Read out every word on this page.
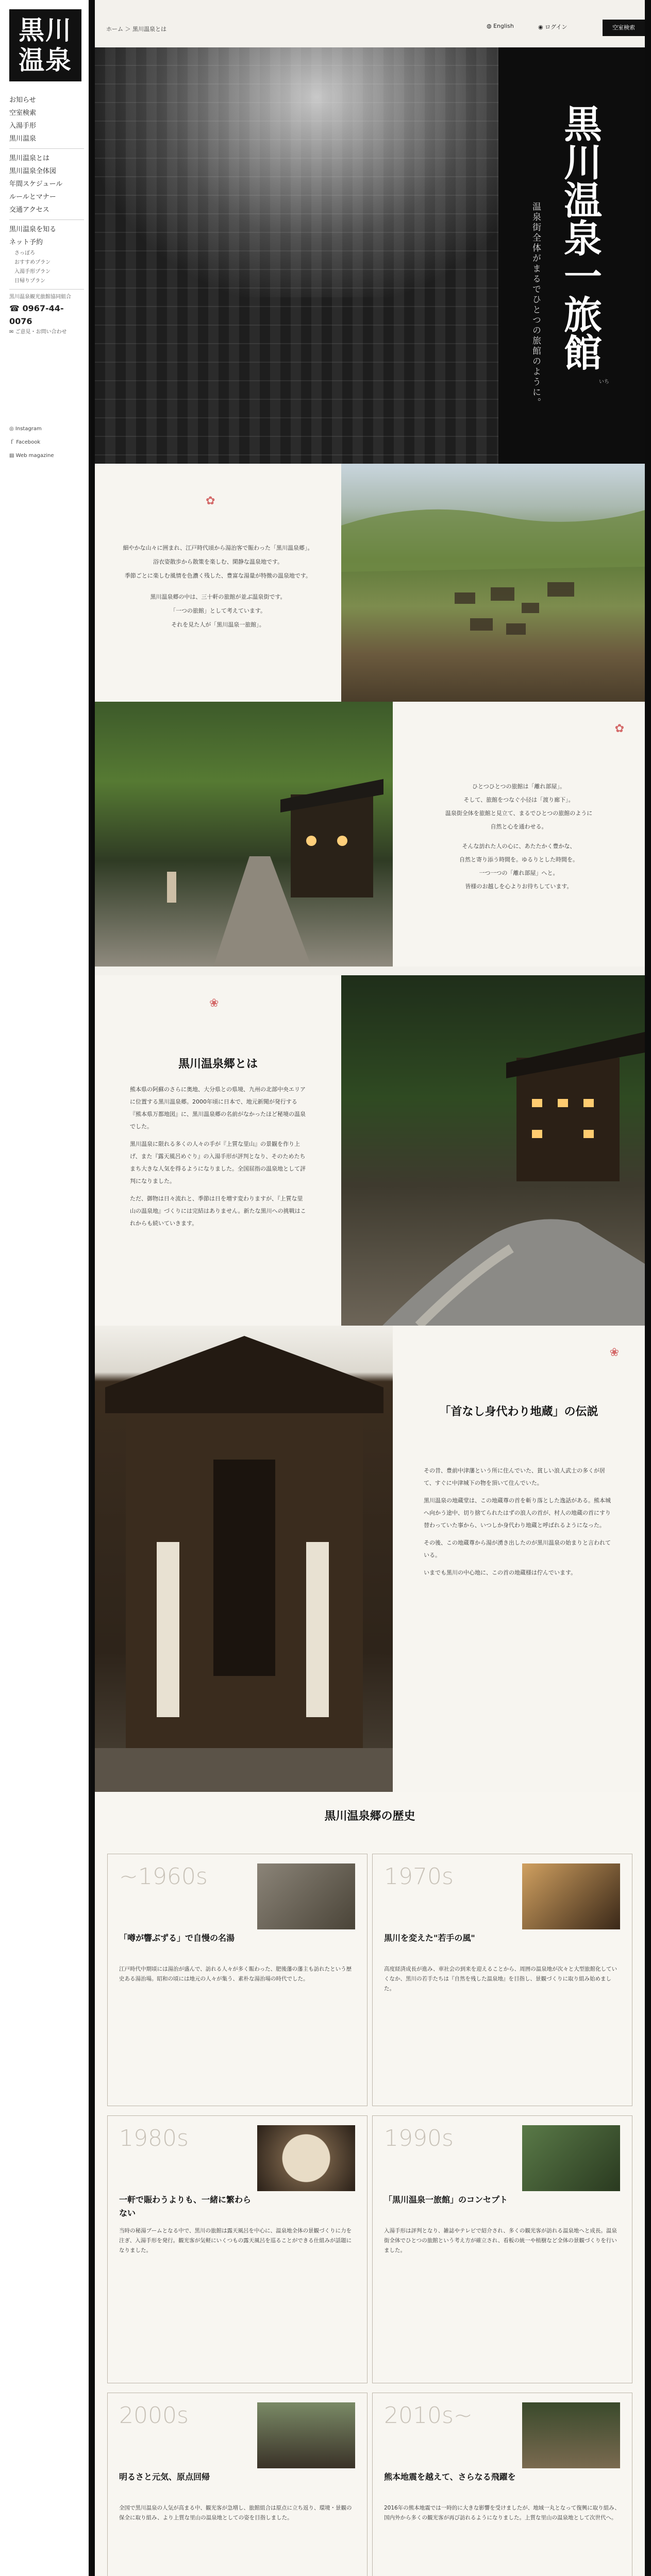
黒川温泉
お知らせ
空室検索
入湯手形
黒川温泉
黒川温泉とは
黒川温泉全体図
年間スケジュール
ルールとマナー
交通アクセス
黒川温泉を知る
ネット予約
さっぽろ
おすすめプラン
入湯手形プラン
日帰りプラン
黒川温泉観光旅館協同組合
☎ 0967-44-0076
✉ ご意見・お問い合わせ
◎ Instagram
ｆ Facebook
▤ Web magazine
ホーム ＞ 黒川温泉とは	◍ English	◉ ログイン	空室検索
黒川温泉一旅館
いち
温泉街全体がまるでひとつの旅館のように。
✿
細やかな山々に囲まれ、江戸時代頃から湯治客で賑わった「黒川温泉郷」。
浴衣姿散歩から散策を楽しむ、閑静な温泉地です。
季節ごとに楽しむ風情を色濃く残した、豊富な湯量が特徴の温泉地です。
黒川温泉郷の中は、三十軒の旅館が並ぶ温泉街です。
「一つの旅館」として考えています。
それを見た人が「黒川温泉一旅館」。
✿
ひとつひとつの旅館は「離れ部屋」。
そして、旅館をつなぐ小径は「渡り廊下」。
温泉街全体を旅館と見立て、まるでひとつの旅館のように
自然と心を通わせる。
そんな訪れた人の心に、あたたかく豊かな、
自然と寄り添う時間を。ゆるりとした時間を。
一つ一つの「離れ部屋」へと。
皆様のお越しを心よりお待ちしています。
❀
黒川温泉郷とは

熊本県の阿蘇のさらに奥地、大分県との県境、九州の北部中央エリアに位置する黒川温泉郷。2000年頃に日本で、地元新聞が発行する『熊本県万都地図』に、黒川温泉郷の名前がなかったほど秘境の温泉でした。

黒川温泉に限れる多くの人々の手が『上質な里山』の景観を作り上げ、また『露天風呂めぐり』の入湯手形が評判となり、そのためたちまち大きな人気を得るようになりました。全国屈指の温泉地として評判になりました。

ただ、御物は日々流れと、季節は日を増す変わりますが、『上質な里山の温泉地』づくりには完結はありません。新たな黒川への挑戦はこれからも続いていきます。

❀
「首なし身代わり地蔵」の伝説

その昔、豊前中津藩という所に住んでいた、貧しい浪人武士の多くが居て、すぐに中津城下の物を頂いて住んでいた。

黒川温泉の地蔵堂は、この地蔵尊の首を斬り落とした逸話がある。熊本城へ向かう途中、切り捨てられたはずの浪人の首が、村人の地蔵の首にすり替わっていた事から、いつしか身代わり地蔵と呼ばれるようになった。

その後、この地蔵尊から湯が湧き出したのが黒川温泉の始まりと言われている。

いまでも黒川の中心地に、この首の地蔵様は佇んでいます。

黒川温泉郷の歴史
~1960s
「噂が響ぶずる」で自慢の名湯
江戸時代中期頃には湯治が盛んで、訪れる人々が多く賑わった、肥後藩の藩主も訪れたという歴史ある湯治場。昭和の頃には地元の人々が集う、素朴な湯治場の時代でした。
1970s
黒川を変えた"若手の風"
高度経済成長が進み、車社会の到来を迎えることから、周囲の温泉地が次々と大型旅館化していくなか、黒川の若手たちは『自然を残した温泉地』を目指し、景観づくりに取り組み始めました。
1980s
一軒で賑わうよりも、一緒に繁わらない
当時の秘湯ブームとなる中で、黒川の旅館は露天風呂を中心に、温泉地全体の景観づくりに力を注ぎ、入湯手形を発行。観光客が気軽にいくつもの露天風呂を巡ることができる仕組みが話題になりました。
1990s
「黒川温泉一旅館」のコンセプト
入湯手形は評判となり、雑誌やテレビで紹介され、多くの観光客が訪れる温泉地へと成長。温泉街全体でひとつの旅館という考え方が確立され、看板の統一や植樹など全体の景観づくりを行いました。
2000s
明るさと元気、原点回帰
全国で黒川温泉の人気が高まる中、観光客が急増し、旅館組合は原点に立ち返り、環境・景観の保全に取り組み、より上質な里山の温泉地としての姿を目指しました。
2010s~
熊本地震を越えて、さらなる飛躍を
2016年の熊本地震では一時的に大きな影響を受けましたが、地域一丸となって復興に取り組み、国内外から多くの観光客が再び訪れるようになりました。上質な里山の温泉地として次世代へ。
